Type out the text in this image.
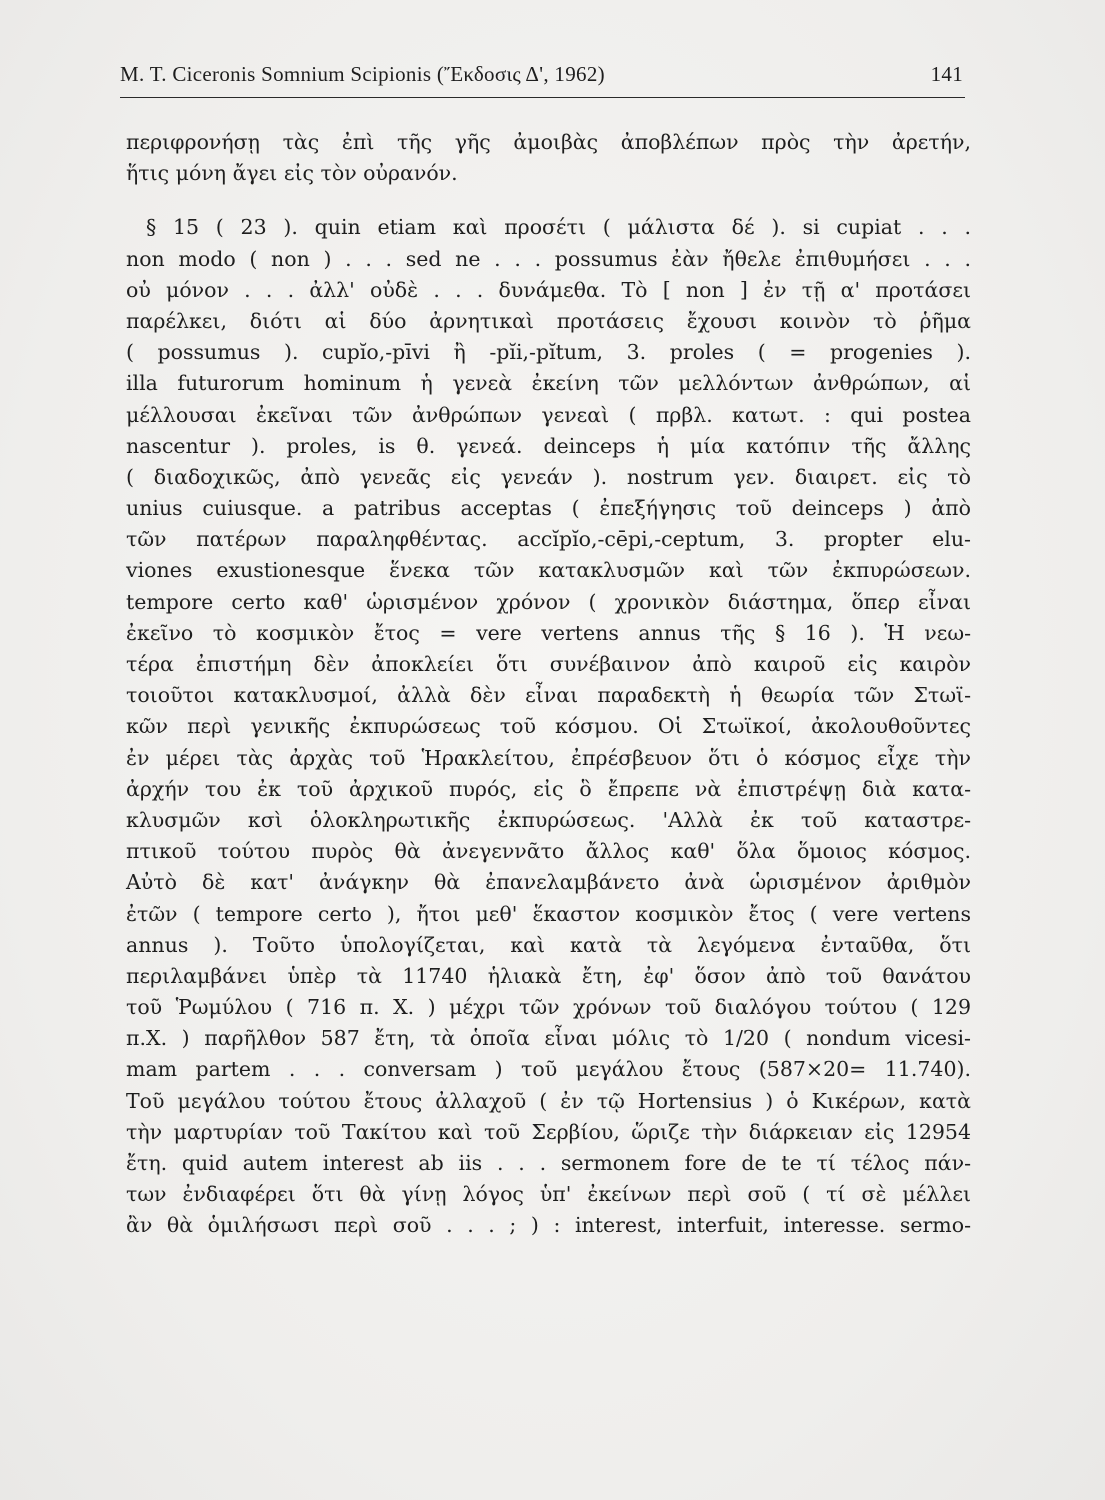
M. T. Ciceronis Somnium Scipionis (Ἔκδοσις Δ', 1962)	141
περιφρονήσῃ τὰς ἐπὶ τῆς γῆς ἀμοιβὰς ἀποβλέπων πρὸς τὴν ἀρετήν,
ἥτις μόνη ἄγει εἰς τὸν οὐρανόν.
§ 15 ( 23 ). quin etiam καὶ προσέτι ( μάλιστα δέ ). si cupiat . . .
non modo ( non ) . . . sed ne . . . possumus ἐὰν ἤθελε ἐπιθυμήσει . . .
οὐ μόνον . . . ἀλλ' οὐδὲ . . . δυνάμεθα. Τὸ [ non ] ἐν τῇ α' προτάσει
παρέλκει, διότι αἱ δύο ἀρνητικαὶ προτάσεις ἔχουσι κοινὸν τὸ ῥῆμα
( possumus ). cupĭo,-pīvi ἢ -pĭi,-pĭtum, 3. proles ( = progenies ).
illa futurorum hominum ἡ γενεὰ ἐκείνη τῶν μελλόντων ἀνθρώπων, αἱ
μέλλουσαι ἐκεῖναι τῶν ἀνθρώπων γενεαὶ ( πρβλ. κατωτ. : qui postea
nascentur ). proles, is θ. γενεά. deinceps ἡ μία κατόπιν τῆς ἄλλης
( διαδοχικῶς, ἀπὸ γενεᾶς εἰς γενεάν ). nostrum γεν. διαιρετ. εἰς τὸ
unius cuiusque. a patribus acceptas ( ἐπεξήγησις τοῦ deinceps ) ἀπὸ
τῶν πατέρων παραληφθέντας. accĭpĭo,-cēpi,-ceptum, 3. propter elu-
viones exustionesque ἕνεκα τῶν κατακλυσμῶν καὶ τῶν ἐκπυρώσεων.
tempore certo καθ' ὡρισμένον χρόνον ( χρονικὸν διάστημα, ὅπερ εἶναι
ἐκεῖνο τὸ κοσμικὸν ἔτος = vere vertens annus τῆς § 16 ). Ἡ νεω-
τέρα ἐπιστήμη δὲν ἀποκλείει ὅτι συνέβαινον ἀπὸ καιροῦ εἰς καιρὸν
τοιοῦτοι κατακλυσμοί, ἀλλὰ δὲν εἶναι παραδεκτὴ ἡ θεωρία τῶν Στωϊ-
κῶν περὶ γενικῆς ἐκπυρώσεως τοῦ κόσμου. Οἱ Στωϊκοί, ἀκολουθοῦντες
ἐν μέρει τὰς ἀρχὰς τοῦ Ἡρακλείτου, ἐπρέσβευον ὅτι ὁ κόσμος εἶχε τὴν
ἀρχήν του ἐκ τοῦ ἀρχικοῦ πυρός, εἰς ὃ ἔπρεπε νὰ ἐπιστρέψῃ διὰ κατα-
κλυσμῶν κσὶ ὁλοκληρωτικῆς ἐκπυρώσεως. 'Αλλὰ ἐκ τοῦ καταστρε-
πτικοῦ τούτου πυρὸς θὰ ἀνεγεννᾶτο ἄλλος καθ' ὅλα ὅμοιος κόσμος.
Αὐτὸ δὲ κατ' ἀνάγκην θὰ ἐπανελαμβάνετο ἀνὰ ὡρισμένον ἀριθμὸν
ἐτῶν ( tempore certo ), ἤτοι μεθ' ἕκαστον κοσμικὸν ἔτος ( vere vertens
annus ). Τοῦτο ὑπολογίζεται, καὶ κατὰ τὰ λεγόμενα ἐνταῦθα, ὅτι
περιλαμβάνει ὑπὲρ τὰ 11740 ἡλιακὰ ἔτη, ἐφ' ὅσον ἀπὸ τοῦ θανάτου
τοῦ Ῥωμύλου ( 716 π. Χ. ) μέχρι τῶν χρόνων τοῦ διαλόγου τούτου ( 129
π.Χ. ) παρῆλθον 587 ἔτη, τὰ ὁποῖα εἶναι μόλις τὸ 1/20 ( nondum vicesi-
mam partem . . . conversam ) τοῦ μεγάλου ἔτους (587×20= 11.740).
Τοῦ μεγάλου τούτου ἔτους ἀλλαχοῦ ( ἐν τῷ Hortensius ) ὁ Κικέρων, κατὰ
τὴν μαρτυρίαν τοῦ Τακίτου καὶ τοῦ Σερβίου, ὥριζε τὴν διάρκειαν εἰς 12954
ἔτη. quid autem interest ab iis . . . sermonem fore de te τί τέλος πάν-
των ἐνδιαφέρει ὅτι θὰ γίνῃ λόγος ὑπ' ἐκείνων περὶ σοῦ ( τί σὲ μέλλει
ἂν θὰ ὁμιλήσωσι περὶ σοῦ . . . ; ) : interest, interfuit, interesse. sermo-
